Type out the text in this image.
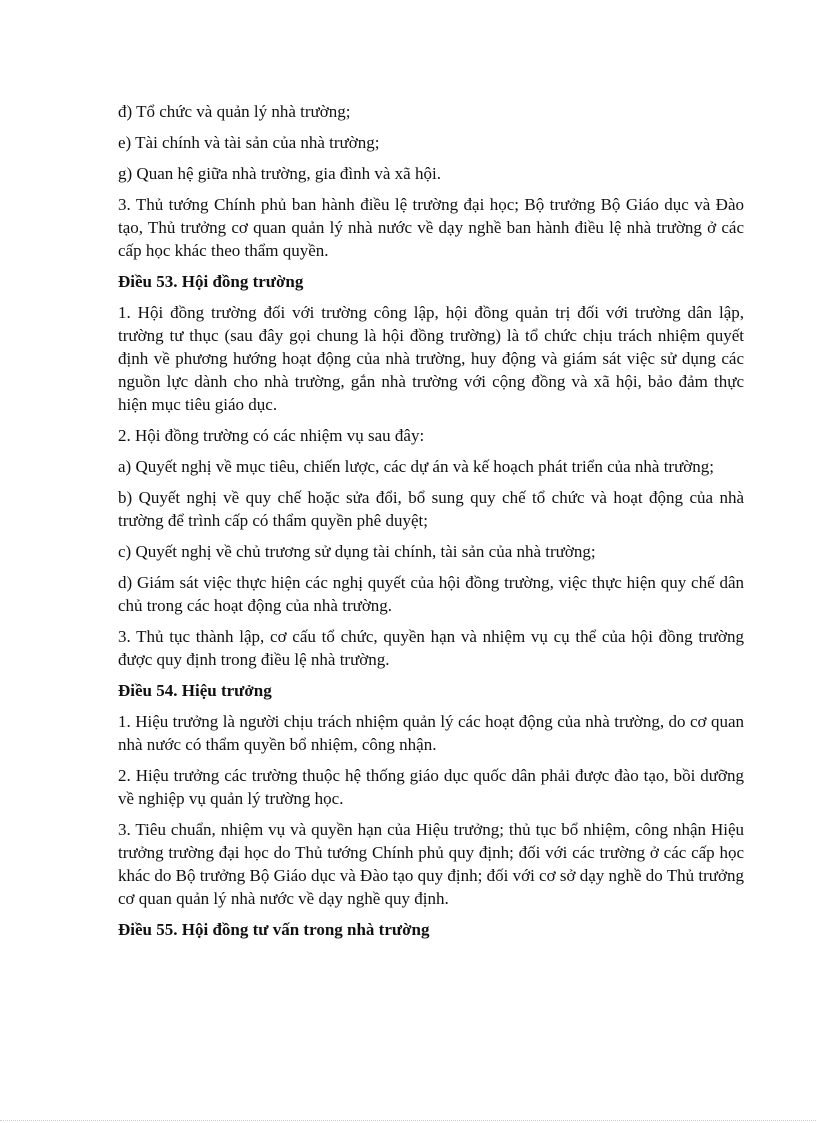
đ) Tổ chức và quản lý nhà trường;

e) Tài chính và tài sản của nhà trường;

g) Quan hệ giữa nhà trường, gia đình và xã hội.

3. Thủ tướng Chính phủ ban hành điều lệ trường đại học; Bộ trưởng Bộ Giáo dục và Đào tạo, Thủ trưởng cơ quan quản lý nhà nước về dạy nghề ban hành điều lệ nhà trường ở các cấp học khác theo thẩm quyền.

Điều 53. Hội đồng trường

1. Hội đồng trường đối với trường công lập, hội đồng quản trị đối với trường dân lập, trường tư thục (sau đây gọi chung là hội đồng trường) là tổ chức chịu trách nhiệm quyết định về phương hướng hoạt động của nhà trường, huy động và giám sát việc sử dụng các nguồn lực dành cho nhà trường, gắn nhà trường với cộng đồng và xã hội, bảo đảm thực hiện mục tiêu giáo dục.

2. Hội đồng trường có các nhiệm vụ sau đây:

a) Quyết nghị về mục tiêu, chiến lược, các dự án và kế hoạch phát triển của nhà trường;

b) Quyết nghị về quy chế hoặc sửa đổi, bổ sung quy chế tổ chức và hoạt động của nhà trường để trình cấp có thẩm quyền phê duyệt;

c) Quyết nghị về chủ trương sử dụng tài chính, tài sản của nhà trường;

d) Giám sát việc thực hiện các nghị quyết của hội đồng trường, việc thực hiện quy chế dân chủ trong các hoạt động của nhà trường.

3. Thủ tục thành lập, cơ cấu tổ chức, quyền hạn và nhiệm vụ cụ thể của hội đồng trường được quy định trong điều lệ nhà trường.

Điều 54. Hiệu trưởng

1. Hiệu trưởng là người chịu trách nhiệm quản lý các hoạt động của nhà trường, do cơ quan nhà nước có thẩm quyền bổ nhiệm, công nhận.

2. Hiệu trưởng các trường thuộc hệ thống giáo dục quốc dân phải được đào tạo, bồi dưỡng về nghiệp vụ quản lý trường học.

3. Tiêu chuẩn, nhiệm vụ và quyền hạn của Hiệu trưởng; thủ tục bổ nhiệm, công nhận Hiệu trưởng trường đại học do Thủ tướng Chính phủ quy định; đối với các trường ở các cấp học khác do Bộ trưởng Bộ Giáo dục và Đào tạo quy định; đối với cơ sở dạy nghề do Thủ trưởng cơ quan quản lý nhà nước về dạy nghề quy định.

Điều 55. Hội đồng tư vấn trong nhà trường
